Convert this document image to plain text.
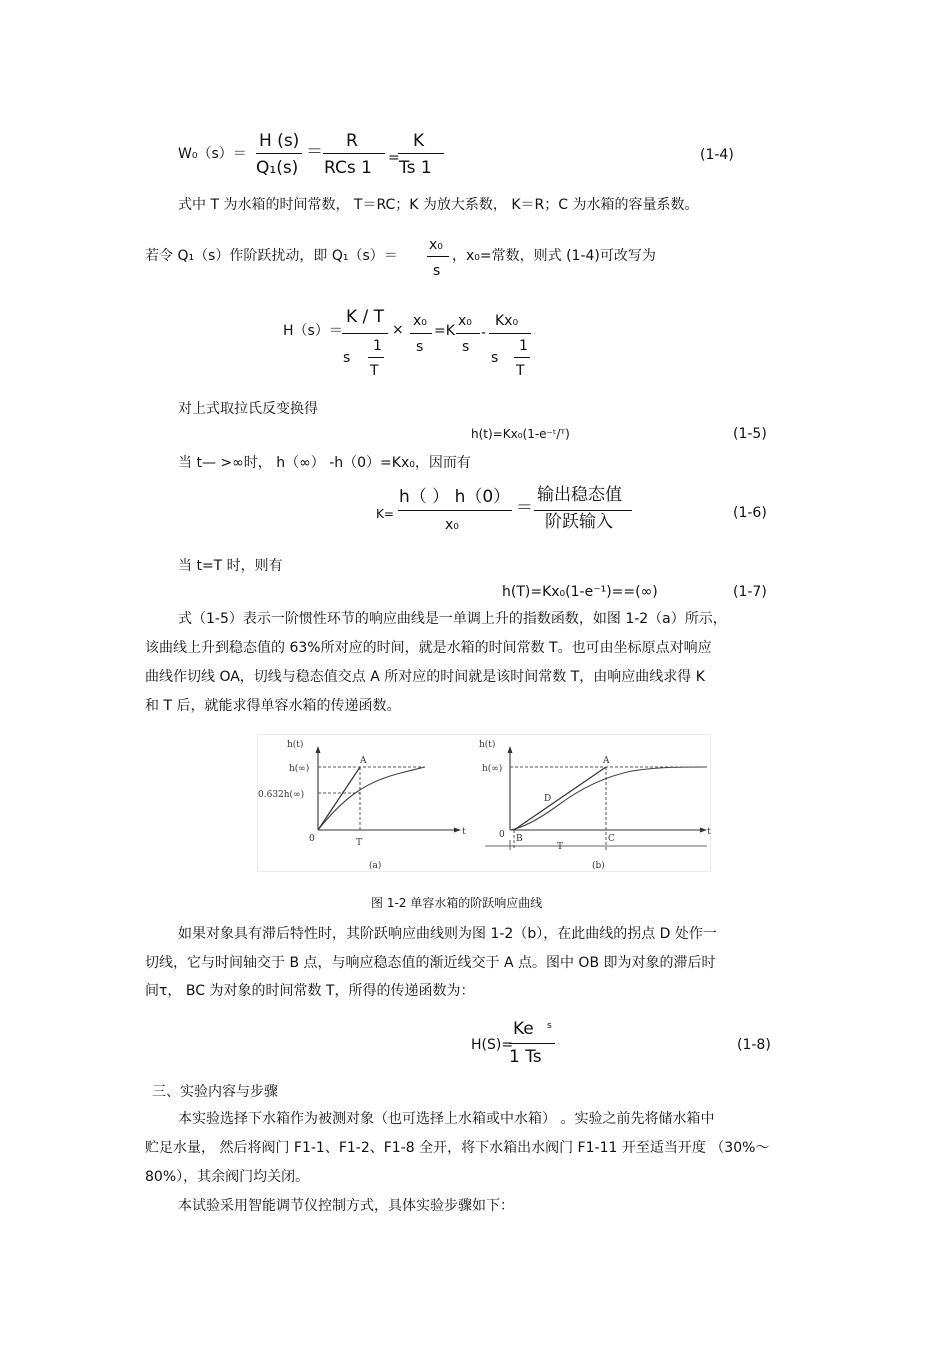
W₀（s）＝
H (s)
Q₁(s)
＝
R
RCs 1 =
K
Ts 1
(1-4)
式中 T 为水箱的时间常数， T＝RC；K 为放大系数， K＝R；C 为水箱的容量系数。
若令 Q₁（s）作阶跃扰动，即 Q₁（s）＝
x₀
s
，x₀=常数，则式 (1-4)可改写为
H（s）＝
K / T
s
1
T
×
x₀
s
=K
x₀
s
-
Kx₀
s
1
T
对上式取拉氏反变换得
h(t)=Kx₀(1-e⁻ᵗ/ᵀ)	(1-5)
当 t— >∞时， h（∞） -h（0）=Kx₀，因而有
K=
h（ ） h（0）
x₀
＝
输出稳态值
阶跃输入	(1-6)
当 t=T 时，则有
h(T)=Kx₀(1-e⁻¹)==(∞)	(1-7)
式（1-5）表示一阶惯性环节的响应曲线是一单调上升的指数函数，如图 1-2（a）所示，
该曲线上升到稳态值的 63%所对应的时间，就是水箱的时间常数 T。也可由坐标原点对响应
曲线作切线 OA，切线与稳态值交点 A 所对应的时间就是该时间常数 T，由响应曲线求得 K
和 T 后，就能求得单容水箱的传递函数。
h(t)
h(∞)
0.632h(∞)
A
0	T
t
(a)
h(t)
h(∞)
A
D
0 B	C
T
t
(b)
图 1-2 单容水箱的阶跃响应曲线
如果对象具有滞后特性时，其阶跃响应曲线则为图 1-2（b），在此曲线的拐点 D 处作一
切线，它与时间轴交于 B 点，与响应稳态值的渐近线交于 A 点。图中 OB 即为对象的滞后时
间τ， BC 为对象的时间常数 T，所得的传递函数为：
H(S)=
Ke s
1 Ts
(1-8)
三、实验内容与步骤
本实验选择下水箱作为被测对象（也可选择上水箱或中水箱） 。实验之前先将储水箱中
贮足水量， 然后将阀门 F1-1、F1-2、F1-8 全开，将下水箱出水阀门 F1-11 开至适当开度 （30%～
80%），其余阀门均关闭。
本试验采用智能调节仪控制方式，具体实验步骤如下：
